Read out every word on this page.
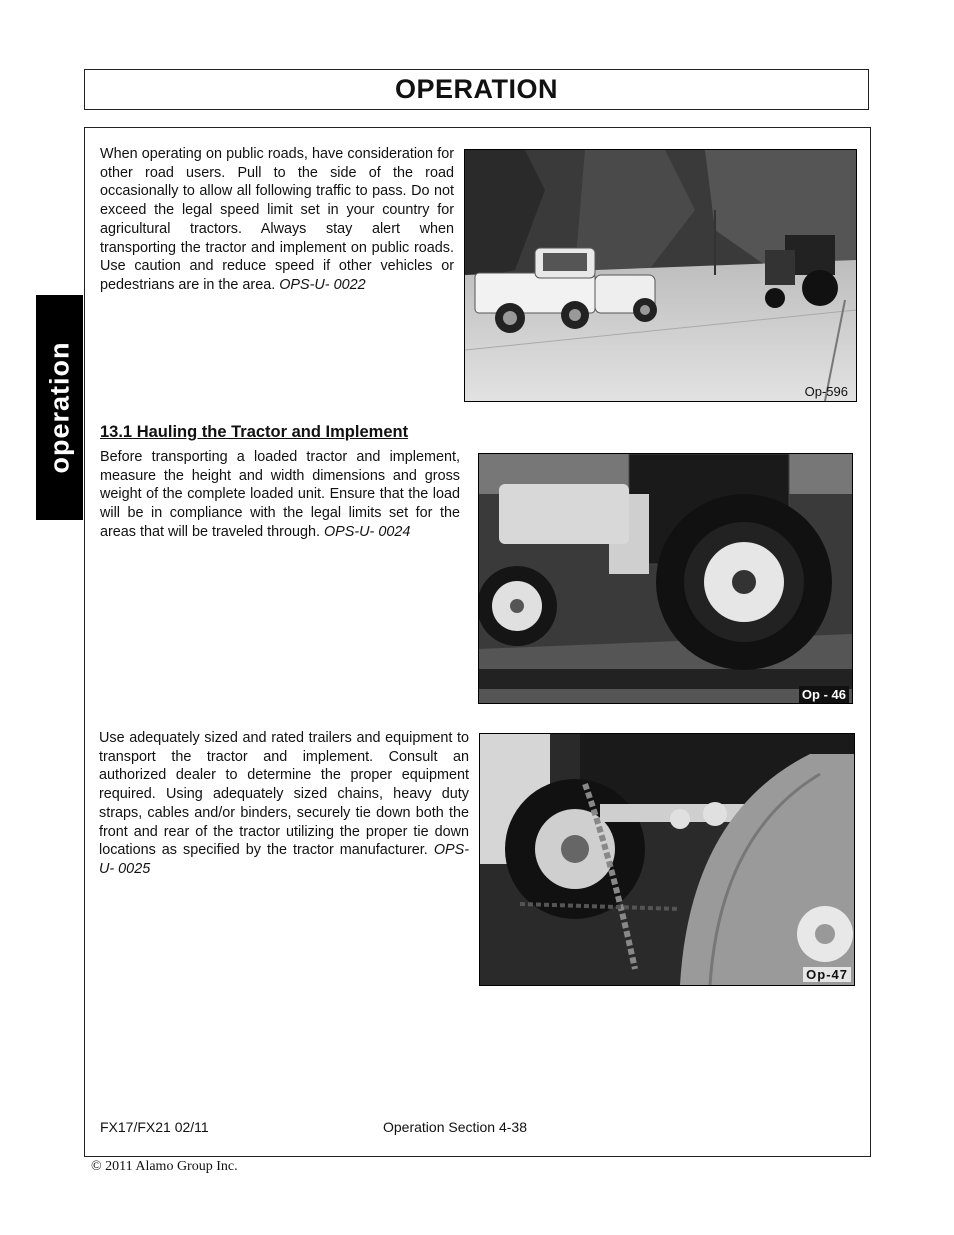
OPERATION
operation

When operating on public roads, have consideration for other road users. Pull to the side of the road occasionally to allow all following traffic to pass. Do not exceed the legal speed limit set in your country for agricultural tractors. Always stay alert when transporting the tractor and implement on public roads. Use caution and reduce speed if other vehicles or pedestrians are in the area. OPS-U- 0022

Op-596
13.1 Hauling the Tractor and Implement

Before transporting a loaded tractor and implement, measure the height and width dimensions and gross weight of the complete loaded unit. Ensure that the load will be in compliance with the legal limits set for the areas that will be traveled through. OPS-U- 0024

Op - 46

Use adequately sized and rated trailers and equipment to transport the tractor and implement. Consult an authorized dealer to determine the proper equipment required. Using adequately sized chains, heavy duty straps, cables and/or binders, securely tie down both the front and rear of the tractor utilizing the proper tie down locations as specified by the tractor manufacturer. OPS-U- 0025

Op-47
FX17/FX21 02/11	Operation Section 4-38
© 2011 Alamo Group Inc.
